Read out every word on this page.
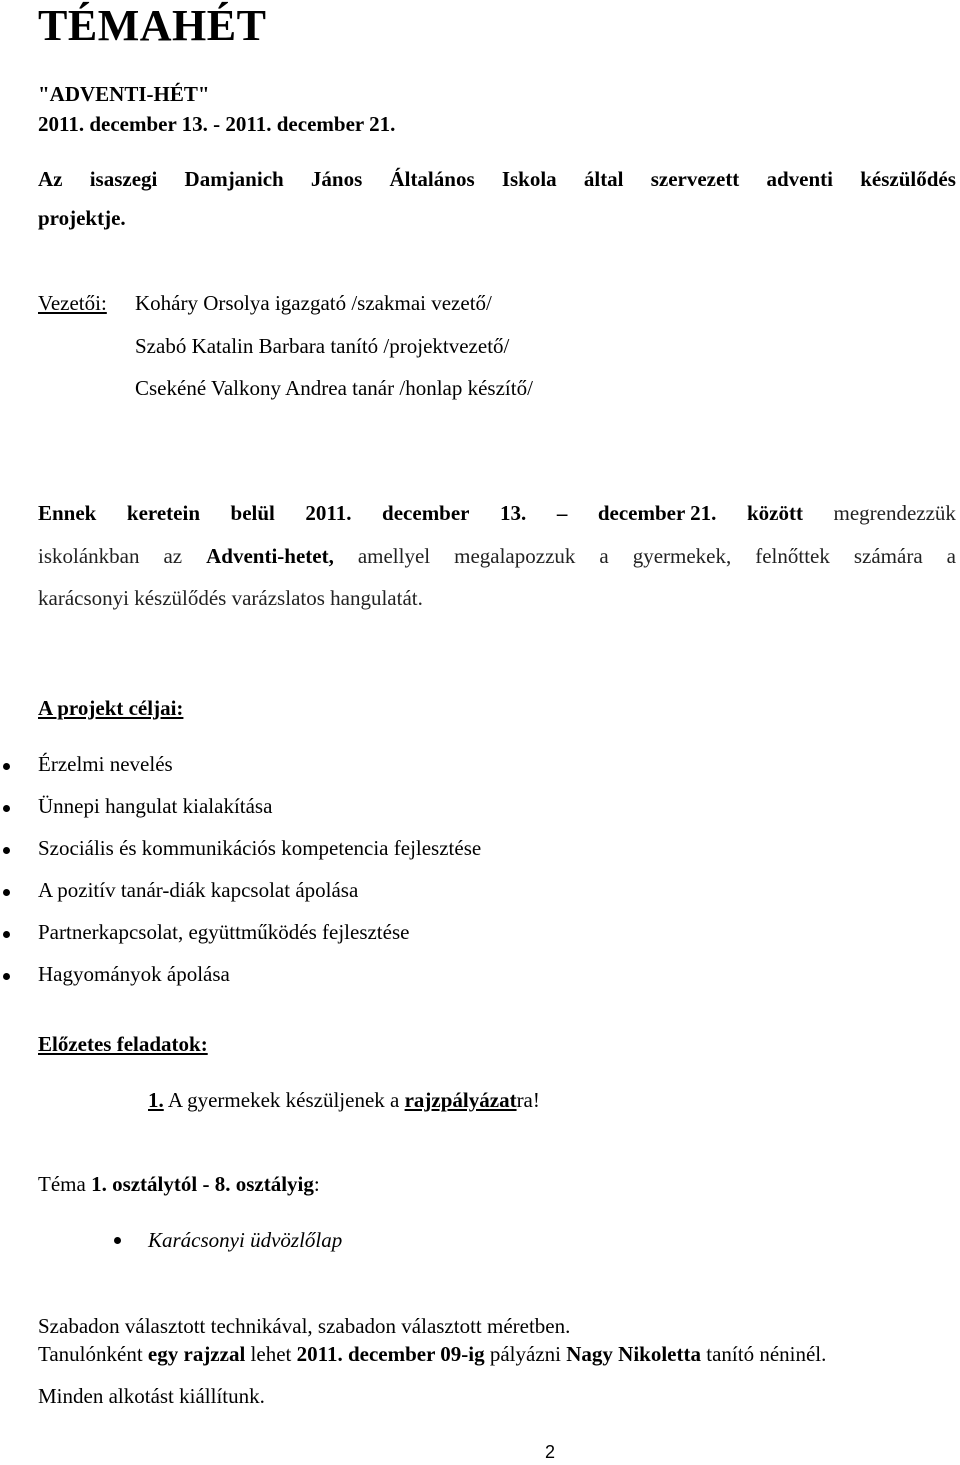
TÉMAHÉT
"ADVENTI-HÉT"
2011. december 13. - 2011. december 21.
Az isaszegi Damjanich János Általános Iskola által szervezett adventi készülődés
projektje.
Vezetői: Koháry Orsolya igazgató /szakmai vezető/
Szabó Katalin Barbara tanító /projektvezető/
Csekéné Valkony Andrea tanár /honlap készítő/
Ennek keretein belül 2011. december 13. – december 21. között megrendezzük
iskolánkban az Adventi-hetet, amellyel megalapozzuk a gyermekek, felnőttek számára a
karácsonyi készülődés varázslatos hangulatát.
A projekt céljai:
Érzelmi nevelés
Ünnepi hangulat kialakítása
Szociális és kommunikációs kompetencia fejlesztése
A pozitív tanár-diák kapcsolat ápolása
Partnerkapcsolat, együttműködés fejlesztése
Hagyományok ápolása
Előzetes feladatok:
1. A gyermekek készüljenek a rajzpályázatra!
Téma 1. osztálytól - 8. osztályig:
Karácsonyi üdvözlőlap
Szabadon választott technikával, szabadon választott méretben.
Tanulónként egy rajzzal lehet 2011. december 09-ig pályázni Nagy Nikoletta tanító néninél.
Minden alkotást kiállítunk.
2
